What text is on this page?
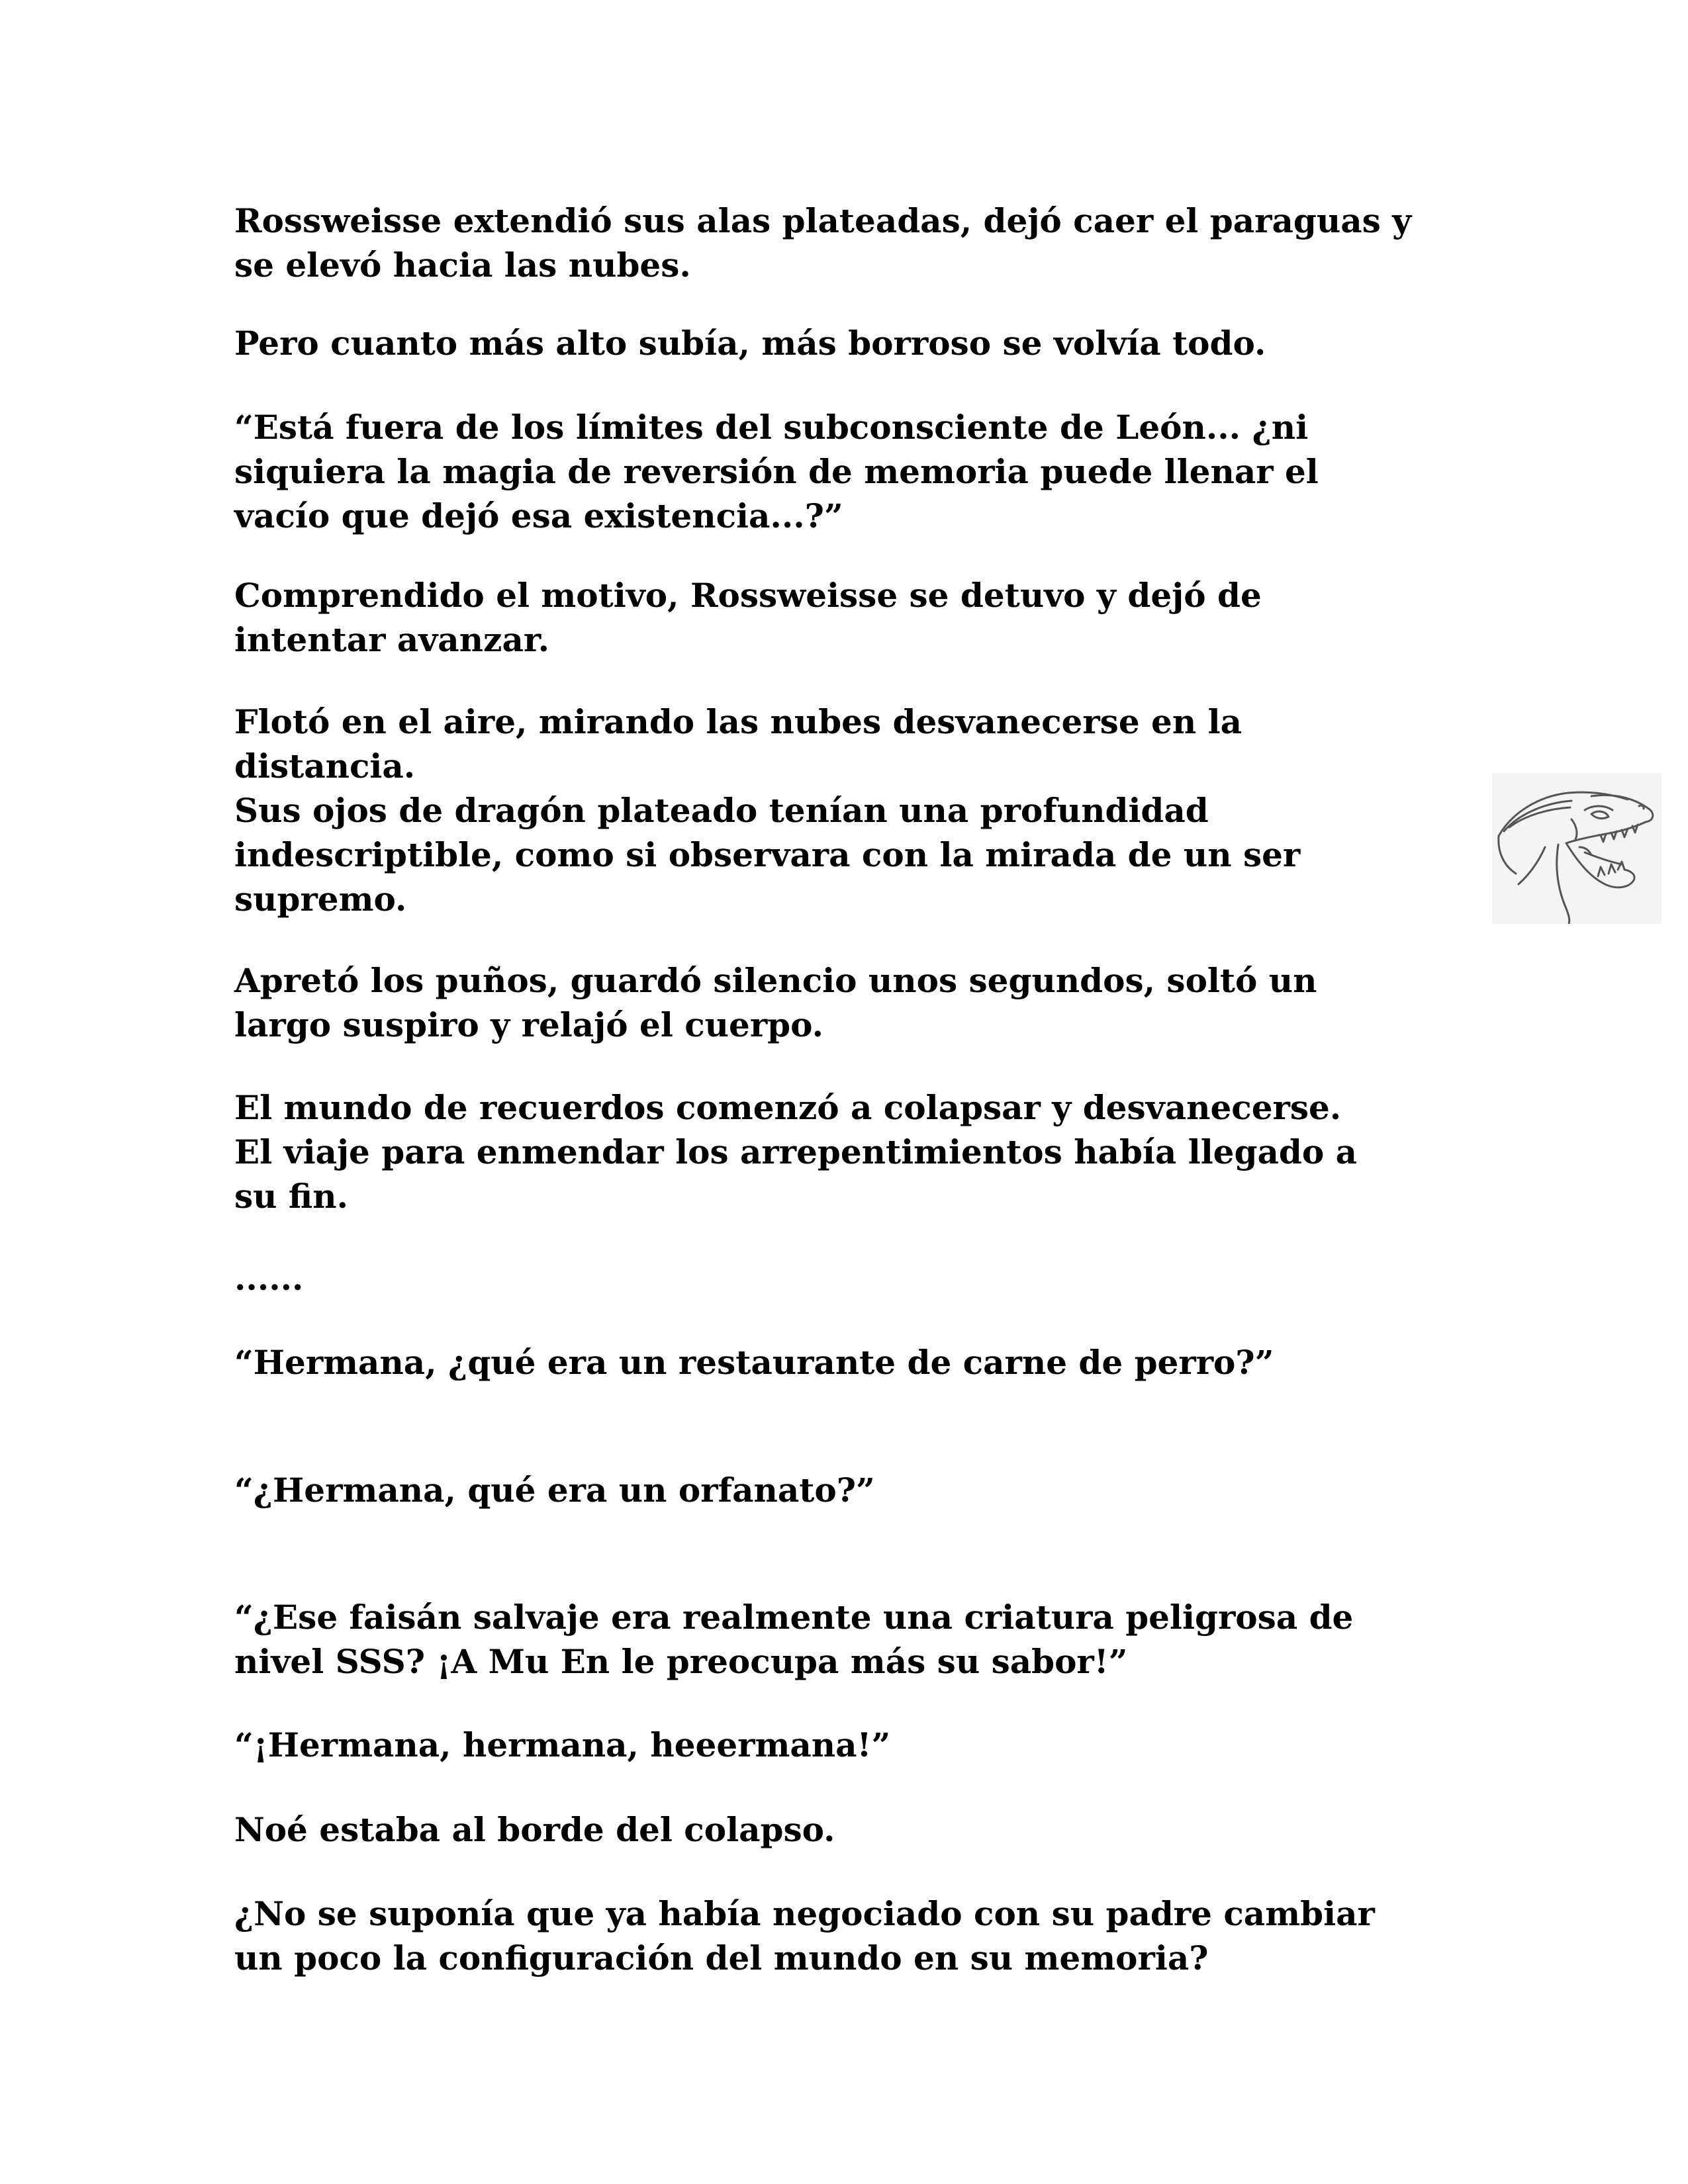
Rossweisse extendió sus alas plateadas, dejó caer el paraguas y
se elevó hacia las nubes.

Pero cuanto más alto subía, más borroso se volvía todo.

“Está fuera de los límites del subconsciente de León... ¿ni
siquiera la magia de reversión de memoria puede llenar el
vacío que dejó esa existencia...?”

Comprendido el motivo, Rossweisse se detuvo y dejó de
intentar avanzar.

Flotó en el aire, mirando las nubes desvanecerse en la
distancia.
Sus ojos de dragón plateado tenían una profundidad
indescriptible, como si observara con la mirada de un ser
supremo.

Apretó los puños, guardó silencio unos segundos, soltó un
largo suspiro y relajó el cuerpo.

El mundo de recuerdos comenzó a colapsar y desvanecerse.
El viaje para enmendar los arrepentimientos había llegado a
su fin.

......

“Hermana, ¿qué era un restaurante de carne de perro?”

“¿Hermana, qué era un orfanato?”

“¿Ese faisán salvaje era realmente una criatura peligrosa de
nivel SSS? ¡A Mu En le preocupa más su sabor!”

“¡Hermana, hermana, heeermana!”

Noé estaba al borde del colapso.

¿No se suponía que ya había negociado con su padre cambiar
un poco la configuración del mundo en su memoria?
